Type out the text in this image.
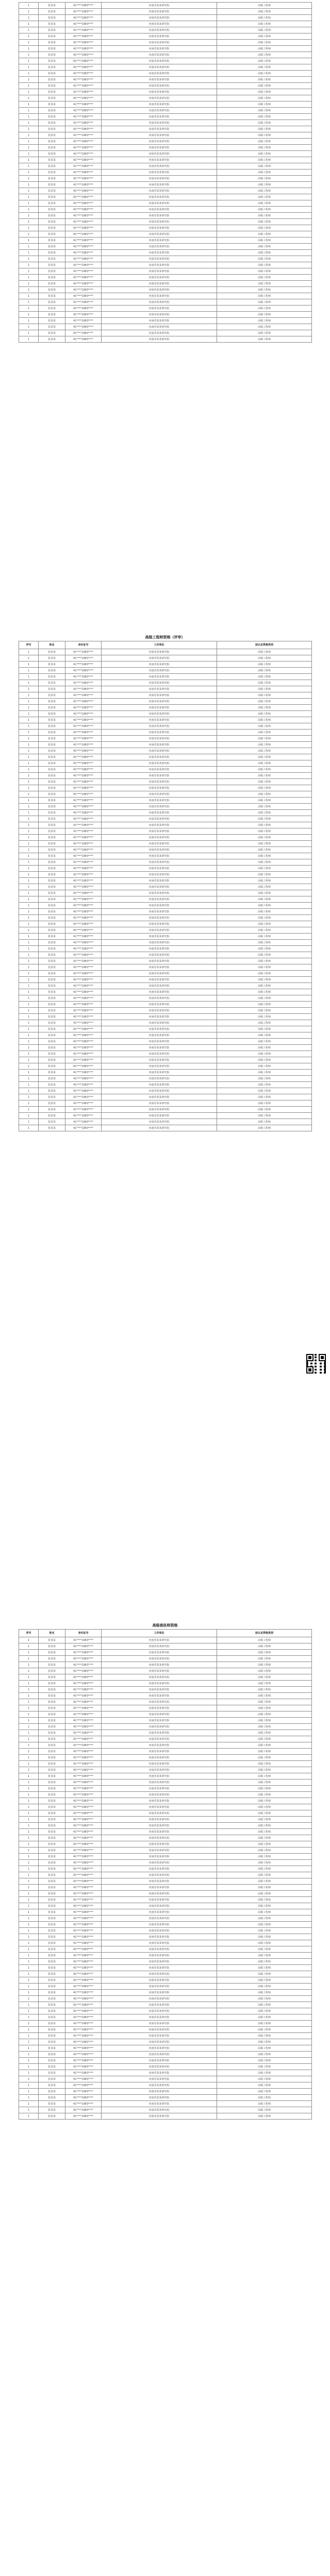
1	张某某	41****1983****	河南省某某研究院	高级工程师
1	张某某	41****1983****	河南省某某研究院	高级工程师
1	张某某	41****1983****	河南省某某研究院	高级工程师
1	张某某	41****1983****	河南省某某研究院	高级工程师
1	张某某	41****1983****	河南省某某研究院	高级工程师
1	张某某	41****1983****	河南省某某研究院	高级工程师
1	张某某	41****1983****	河南省某某研究院	高级工程师
1	张某某	41****1983****	河南省某某研究院	高级工程师
1	张某某	41****1983****	河南省某某研究院	高级工程师
1	张某某	41****1983****	河南省某某研究院	高级工程师
1	张某某	41****1983****	河南省某某研究院	高级工程师
1	张某某	41****1983****	河南省某某研究院	高级工程师
1	张某某	41****1983****	河南省某某研究院	高级工程师
1	张某某	41****1983****	河南省某某研究院	高级工程师
1	张某某	41****1983****	河南省某某研究院	高级工程师
1	张某某	41****1983****	河南省某某研究院	高级工程师
1	张某某	41****1983****	河南省某某研究院	高级工程师
1	张某某	41****1983****	河南省某某研究院	高级工程师
1	张某某	41****1983****	河南省某某研究院	高级工程师
1	张某某	41****1983****	河南省某某研究院	高级工程师
1	张某某	41****1983****	河南省某某研究院	高级工程师
1	张某某	41****1983****	河南省某某研究院	高级工程师
1	张某某	41****1983****	河南省某某研究院	高级工程师
1	张某某	41****1983****	河南省某某研究院	高级工程师
1	张某某	41****1983****	河南省某某研究院	高级工程师
1	张某某	41****1983****	河南省某某研究院	高级工程师
1	张某某	41****1983****	河南省某某研究院	高级工程师
1	张某某	41****1983****	河南省某某研究院	高级工程师
1	张某某	41****1983****	河南省某某研究院	高级工程师
1	张某某	41****1983****	河南省某某研究院	高级工程师
1	张某某	41****1983****	河南省某某研究院	高级工程师
1	张某某	41****1983****	河南省某某研究院	高级工程师
1	张某某	41****1983****	河南省某某研究院	高级工程师
1	张某某	41****1983****	河南省某某研究院	高级工程师
1	张某某	41****1983****	河南省某某研究院	高级工程师
1	张某某	41****1983****	河南省某某研究院	高级工程师
1	张某某	41****1983****	河南省某某研究院	高级工程师
1	张某某	41****1983****	河南省某某研究院	高级工程师
1	张某某	41****1983****	河南省某某研究院	高级工程师
1	张某某	41****1983****	河南省某某研究院	高级工程师
1	张某某	41****1983****	河南省某某研究院	高级工程师
1	张某某	41****1983****	河南省某某研究院	高级工程师
1	张某某	41****1983****	河南省某某研究院	高级工程师
1	张某某	41****1983****	河南省某某研究院	高级工程师
1	张某某	41****1983****	河南省某某研究院	高级工程师
1	张某某	41****1983****	河南省某某研究院	高级工程师
1	张某某	41****1983****	河南省某某研究院	高级工程师
1	张某某	41****1983****	河南省某某研究院	高级工程师
1	张某某	41****1983****	河南省某某研究院	高级工程师
1	张某某	41****1983****	河南省某某研究院	高级工程师
1	张某某	41****1983****	河南省某某研究院	高级工程师
1	张某某	41****1983****	河南省某某研究院	高级工程师
1	张某某	41****1983****	河南省某某研究院	高级工程师
1	张某某	41****1983****	河南省某某研究院	高级工程师
1	张某某	41****1983****	河南省某某研究院	高级工程师
高级工程师资格（评审）
序号	姓名	身份证号	工作单位	拟认定资格类别
1	张某某	41****1983****	河南省某某研究院	高级工程师
1	张某某	41****1983****	河南省某某研究院	高级工程师
1	张某某	41****1983****	河南省某某研究院	高级工程师
1	张某某	41****1983****	河南省某某研究院	高级工程师
1	张某某	41****1983****	河南省某某研究院	高级工程师
1	张某某	41****1983****	河南省某某研究院	高级工程师
1	张某某	41****1983****	河南省某某研究院	高级工程师
1	张某某	41****1983****	河南省某某研究院	高级工程师
1	张某某	41****1983****	河南省某某研究院	高级工程师
1	张某某	41****1983****	河南省某某研究院	高级工程师
1	张某某	41****1983****	河南省某某研究院	高级工程师
1	张某某	41****1983****	河南省某某研究院	高级工程师
1	张某某	41****1983****	河南省某某研究院	高级工程师
1	张某某	41****1983****	河南省某某研究院	高级工程师
1	张某某	41****1983****	河南省某某研究院	高级工程师
1	张某某	41****1983****	河南省某某研究院	高级工程师
1	张某某	41****1983****	河南省某某研究院	高级工程师
1	张某某	41****1983****	河南省某某研究院	高级工程师
1	张某某	41****1983****	河南省某某研究院	高级工程师
1	张某某	41****1983****	河南省某某研究院	高级工程师
1	张某某	41****1983****	河南省某某研究院	高级工程师
1	张某某	41****1983****	河南省某某研究院	高级工程师
1	张某某	41****1983****	河南省某某研究院	高级工程师
1	张某某	41****1983****	河南省某某研究院	高级工程师
1	张某某	41****1983****	河南省某某研究院	高级工程师
1	张某某	41****1983****	河南省某某研究院	高级工程师
1	张某某	41****1983****	河南省某某研究院	高级工程师
1	张某某	41****1983****	河南省某某研究院	高级工程师
1	张某某	41****1983****	河南省某某研究院	高级工程师
1	张某某	41****1983****	河南省某某研究院	高级工程师
1	张某某	41****1983****	河南省某某研究院	高级工程师
1	张某某	41****1983****	河南省某某研究院	高级工程师
1	张某某	41****1983****	河南省某某研究院	高级工程师
1	张某某	41****1983****	河南省某某研究院	高级工程师
1	张某某	41****1983****	河南省某某研究院	高级工程师
1	张某某	41****1983****	河南省某某研究院	高级工程师
1	张某某	41****1983****	河南省某某研究院	高级工程师
1	张某某	41****1983****	河南省某某研究院	高级工程师
1	张某某	41****1983****	河南省某某研究院	高级工程师
1	张某某	41****1983****	河南省某某研究院	高级工程师
1	张某某	41****1983****	河南省某某研究院	高级工程师
1	张某某	41****1983****	河南省某某研究院	高级工程师
1	张某某	41****1983****	河南省某某研究院	高级工程师
1	张某某	41****1983****	河南省某某研究院	高级工程师
1	张某某	41****1983****	河南省某某研究院	高级工程师
1	张某某	41****1983****	河南省某某研究院	高级工程师
1	张某某	41****1983****	河南省某某研究院	高级工程师
1	张某某	41****1983****	河南省某某研究院	高级工程师
1	张某某	41****1983****	河南省某某研究院	高级工程师
1	张某某	41****1983****	河南省某某研究院	高级工程师
1	张某某	41****1983****	河南省某某研究院	高级工程师
1	张某某	41****1983****	河南省某某研究院	高级工程师
1	张某某	41****1983****	河南省某某研究院	高级工程师
1	张某某	41****1983****	河南省某某研究院	高级工程师
1	张某某	41****1983****	河南省某某研究院	高级工程师
1	张某某	41****1983****	河南省某某研究院	高级工程师
1	张某某	41****1983****	河南省某某研究院	高级工程师
1	张某某	41****1983****	河南省某某研究院	高级工程师
1	张某某	41****1983****	河南省某某研究院	高级工程师
1	张某某	41****1983****	河南省某某研究院	高级工程师
1	张某某	41****1983****	河南省某某研究院	高级工程师
1	张某某	41****1983****	河南省某某研究院	高级工程师
1	张某某	41****1983****	河南省某某研究院	高级工程师
1	张某某	41****1983****	河南省某某研究院	高级工程师
1	张某某	41****1983****	河南省某某研究院	高级工程师
1	张某某	41****1983****	河南省某某研究院	高级工程师
1	张某某	41****1983****	河南省某某研究院	高级工程师
1	张某某	41****1983****	河南省某某研究院	高级工程师
1	张某某	41****1983****	河南省某某研究院	高级工程师
1	张某某	41****1983****	河南省某某研究院	高级工程师
1	张某某	41****1983****	河南省某某研究院	高级工程师
1	张某某	41****1983****	河南省某某研究院	高级工程师
1	张某某	41****1983****	河南省某某研究院	高级工程师
1	张某某	41****1983****	河南省某某研究院	高级工程师
1	张某某	41****1983****	河南省某某研究院	高级工程师
1	张某某	41****1983****	河南省某某研究院	高级工程师
1	张某某	41****1983****	河南省某某研究院	高级工程师
1	张某某	41****1983****	河南省某某研究院	高级工程师
高级兽医师资格
序号	姓名	身份证号	工作单位	拟认定资格类别
1	张某某	41****1983****	河南省某某研究院	高级工程师
1	张某某	41****1983****	河南省某某研究院	高级工程师
1	张某某	41****1983****	河南省某某研究院	高级工程师
1	张某某	41****1983****	河南省某某研究院	高级工程师
1	张某某	41****1983****	河南省某某研究院	高级工程师
1	张某某	41****1983****	河南省某某研究院	高级工程师
1	张某某	41****1983****	河南省某某研究院	高级工程师
1	张某某	41****1983****	河南省某某研究院	高级工程师
1	张某某	41****1983****	河南省某某研究院	高级工程师
1	张某某	41****1983****	河南省某某研究院	高级工程师
1	张某某	41****1983****	河南省某某研究院	高级工程师
1	张某某	41****1983****	河南省某某研究院	高级工程师
1	张某某	41****1983****	河南省某某研究院	高级工程师
1	张某某	41****1983****	河南省某某研究院	高级工程师
1	张某某	41****1983****	河南省某某研究院	高级工程师
1	张某某	41****1983****	河南省某某研究院	高级工程师
1	张某某	41****1983****	河南省某某研究院	高级工程师
1	张某某	41****1983****	河南省某某研究院	高级工程师
1	张某某	41****1983****	河南省某某研究院	高级工程师
1	张某某	41****1983****	河南省某某研究院	高级工程师
1	张某某	41****1983****	河南省某某研究院	高级工程师
1	张某某	41****1983****	河南省某某研究院	高级工程师
1	张某某	41****1983****	河南省某某研究院	高级工程师
1	张某某	41****1983****	河南省某某研究院	高级工程师
1	张某某	41****1983****	河南省某某研究院	高级工程师
1	张某某	41****1983****	河南省某某研究院	高级工程师
1	张某某	41****1983****	河南省某某研究院	高级工程师
1	张某某	41****1983****	河南省某某研究院	高级工程师
1	张某某	41****1983****	河南省某某研究院	高级工程师
1	张某某	41****1983****	河南省某某研究院	高级工程师
1	张某某	41****1983****	河南省某某研究院	高级工程师
1	张某某	41****1983****	河南省某某研究院	高级工程师
1	张某某	41****1983****	河南省某某研究院	高级工程师
1	张某某	41****1983****	河南省某某研究院	高级工程师
1	张某某	41****1983****	河南省某某研究院	高级工程师
1	张某某	41****1983****	河南省某某研究院	高级工程师
1	张某某	41****1983****	河南省某某研究院	高级工程师
1	张某某	41****1983****	河南省某某研究院	高级工程师
1	张某某	41****1983****	河南省某某研究院	高级工程师
1	张某某	41****1983****	河南省某某研究院	高级工程师
1	张某某	41****1983****	河南省某某研究院	高级工程师
1	张某某	41****1983****	河南省某某研究院	高级工程师
1	张某某	41****1983****	河南省某某研究院	高级工程师
1	张某某	41****1983****	河南省某某研究院	高级工程师
1	张某某	41****1983****	河南省某某研究院	高级工程师
1	张某某	41****1983****	河南省某某研究院	高级工程师
1	张某某	41****1983****	河南省某某研究院	高级工程师
1	张某某	41****1983****	河南省某某研究院	高级工程师
1	张某某	41****1983****	河南省某某研究院	高级工程师
1	张某某	41****1983****	河南省某某研究院	高级工程师
1	张某某	41****1983****	河南省某某研究院	高级工程师
1	张某某	41****1983****	河南省某某研究院	高级工程师
1	张某某	41****1983****	河南省某某研究院	高级工程师
1	张某某	41****1983****	河南省某某研究院	高级工程师
1	张某某	41****1983****	河南省某某研究院	高级工程师
1	张某某	41****1983****	河南省某某研究院	高级工程师
1	张某某	41****1983****	河南省某某研究院	高级工程师
1	张某某	41****1983****	河南省某某研究院	高级工程师
1	张某某	41****1983****	河南省某某研究院	高级工程师
1	张某某	41****1983****	河南省某某研究院	高级工程师
1	张某某	41****1983****	河南省某某研究院	高级工程师
1	张某某	41****1983****	河南省某某研究院	高级工程师
1	张某某	41****1983****	河南省某某研究院	高级工程师
1	张某某	41****1983****	河南省某某研究院	高级工程师
1	张某某	41****1983****	河南省某某研究院	高级工程师
1	张某某	41****1983****	河南省某某研究院	高级工程师
1	张某某	41****1983****	河南省某某研究院	高级工程师
1	张某某	41****1983****	河南省某某研究院	高级工程师
1	张某某	41****1983****	河南省某某研究院	高级工程师
1	张某某	41****1983****	河南省某某研究院	高级工程师
1	张某某	41****1983****	河南省某某研究院	高级工程师
1	张某某	41****1983****	河南省某某研究院	高级工程师
1	张某某	41****1983****	河南省某某研究院	高级工程师
1	张某某	41****1983****	河南省某某研究院	高级工程师
1	张某某	41****1983****	河南省某某研究院	高级工程师
1	张某某	41****1983****	河南省某某研究院	高级工程师
1	张某某	41****1983****	河南省某某研究院	高级工程师
1	张某某	41****1983****	河南省某某研究院	高级工程师
